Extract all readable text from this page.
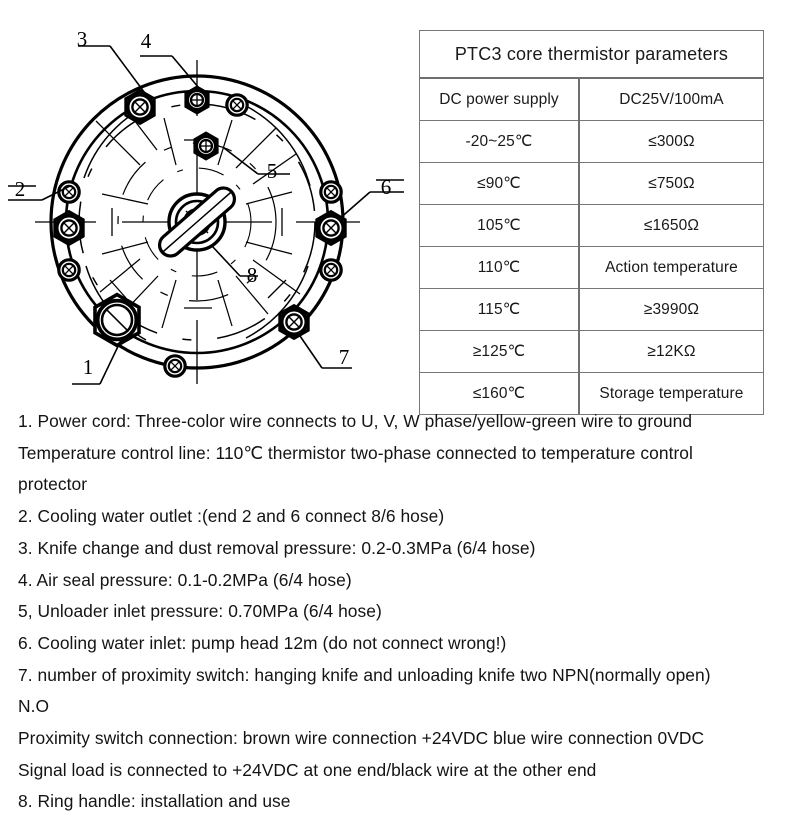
3	4
2	6
5
8
1	7
PTC3 core thermistor parameters	
DC power supply	DC25V/100mA
-20~25℃	≤300Ω
≤90℃	≤750Ω
105℃	≤1650Ω
110℃	Action temperature
115℃	≥3990Ω
≥125℃	≥12KΩ
≤160℃	Storage temperature
1. Power cord: Three-color wire connects to U, V, W phase/yellow-green wire to ground
Temperature control line: 110℃ thermistor two-phase connected to temperature control
protector
2. Cooling water outlet :(end 2 and 6 connect 8/6 hose)
3. Knife change and dust removal pressure: 0.2-0.3MPa (6/4 hose)
4. Air seal pressure: 0.1-0.2MPa (6/4 hose)
5, Unloader inlet pressure: 0.70MPa (6/4 hose)
6. Cooling water inlet: pump head 12m (do not connect wrong!)
7. number of proximity switch: hanging knife and unloading knife two NPN(normally open)
N.O
Proximity switch connection: brown wire connection +24VDC blue wire connection 0VDC
Signal load is connected to +24VDC at one end/black wire at the other end
8. Ring handle: installation and use
